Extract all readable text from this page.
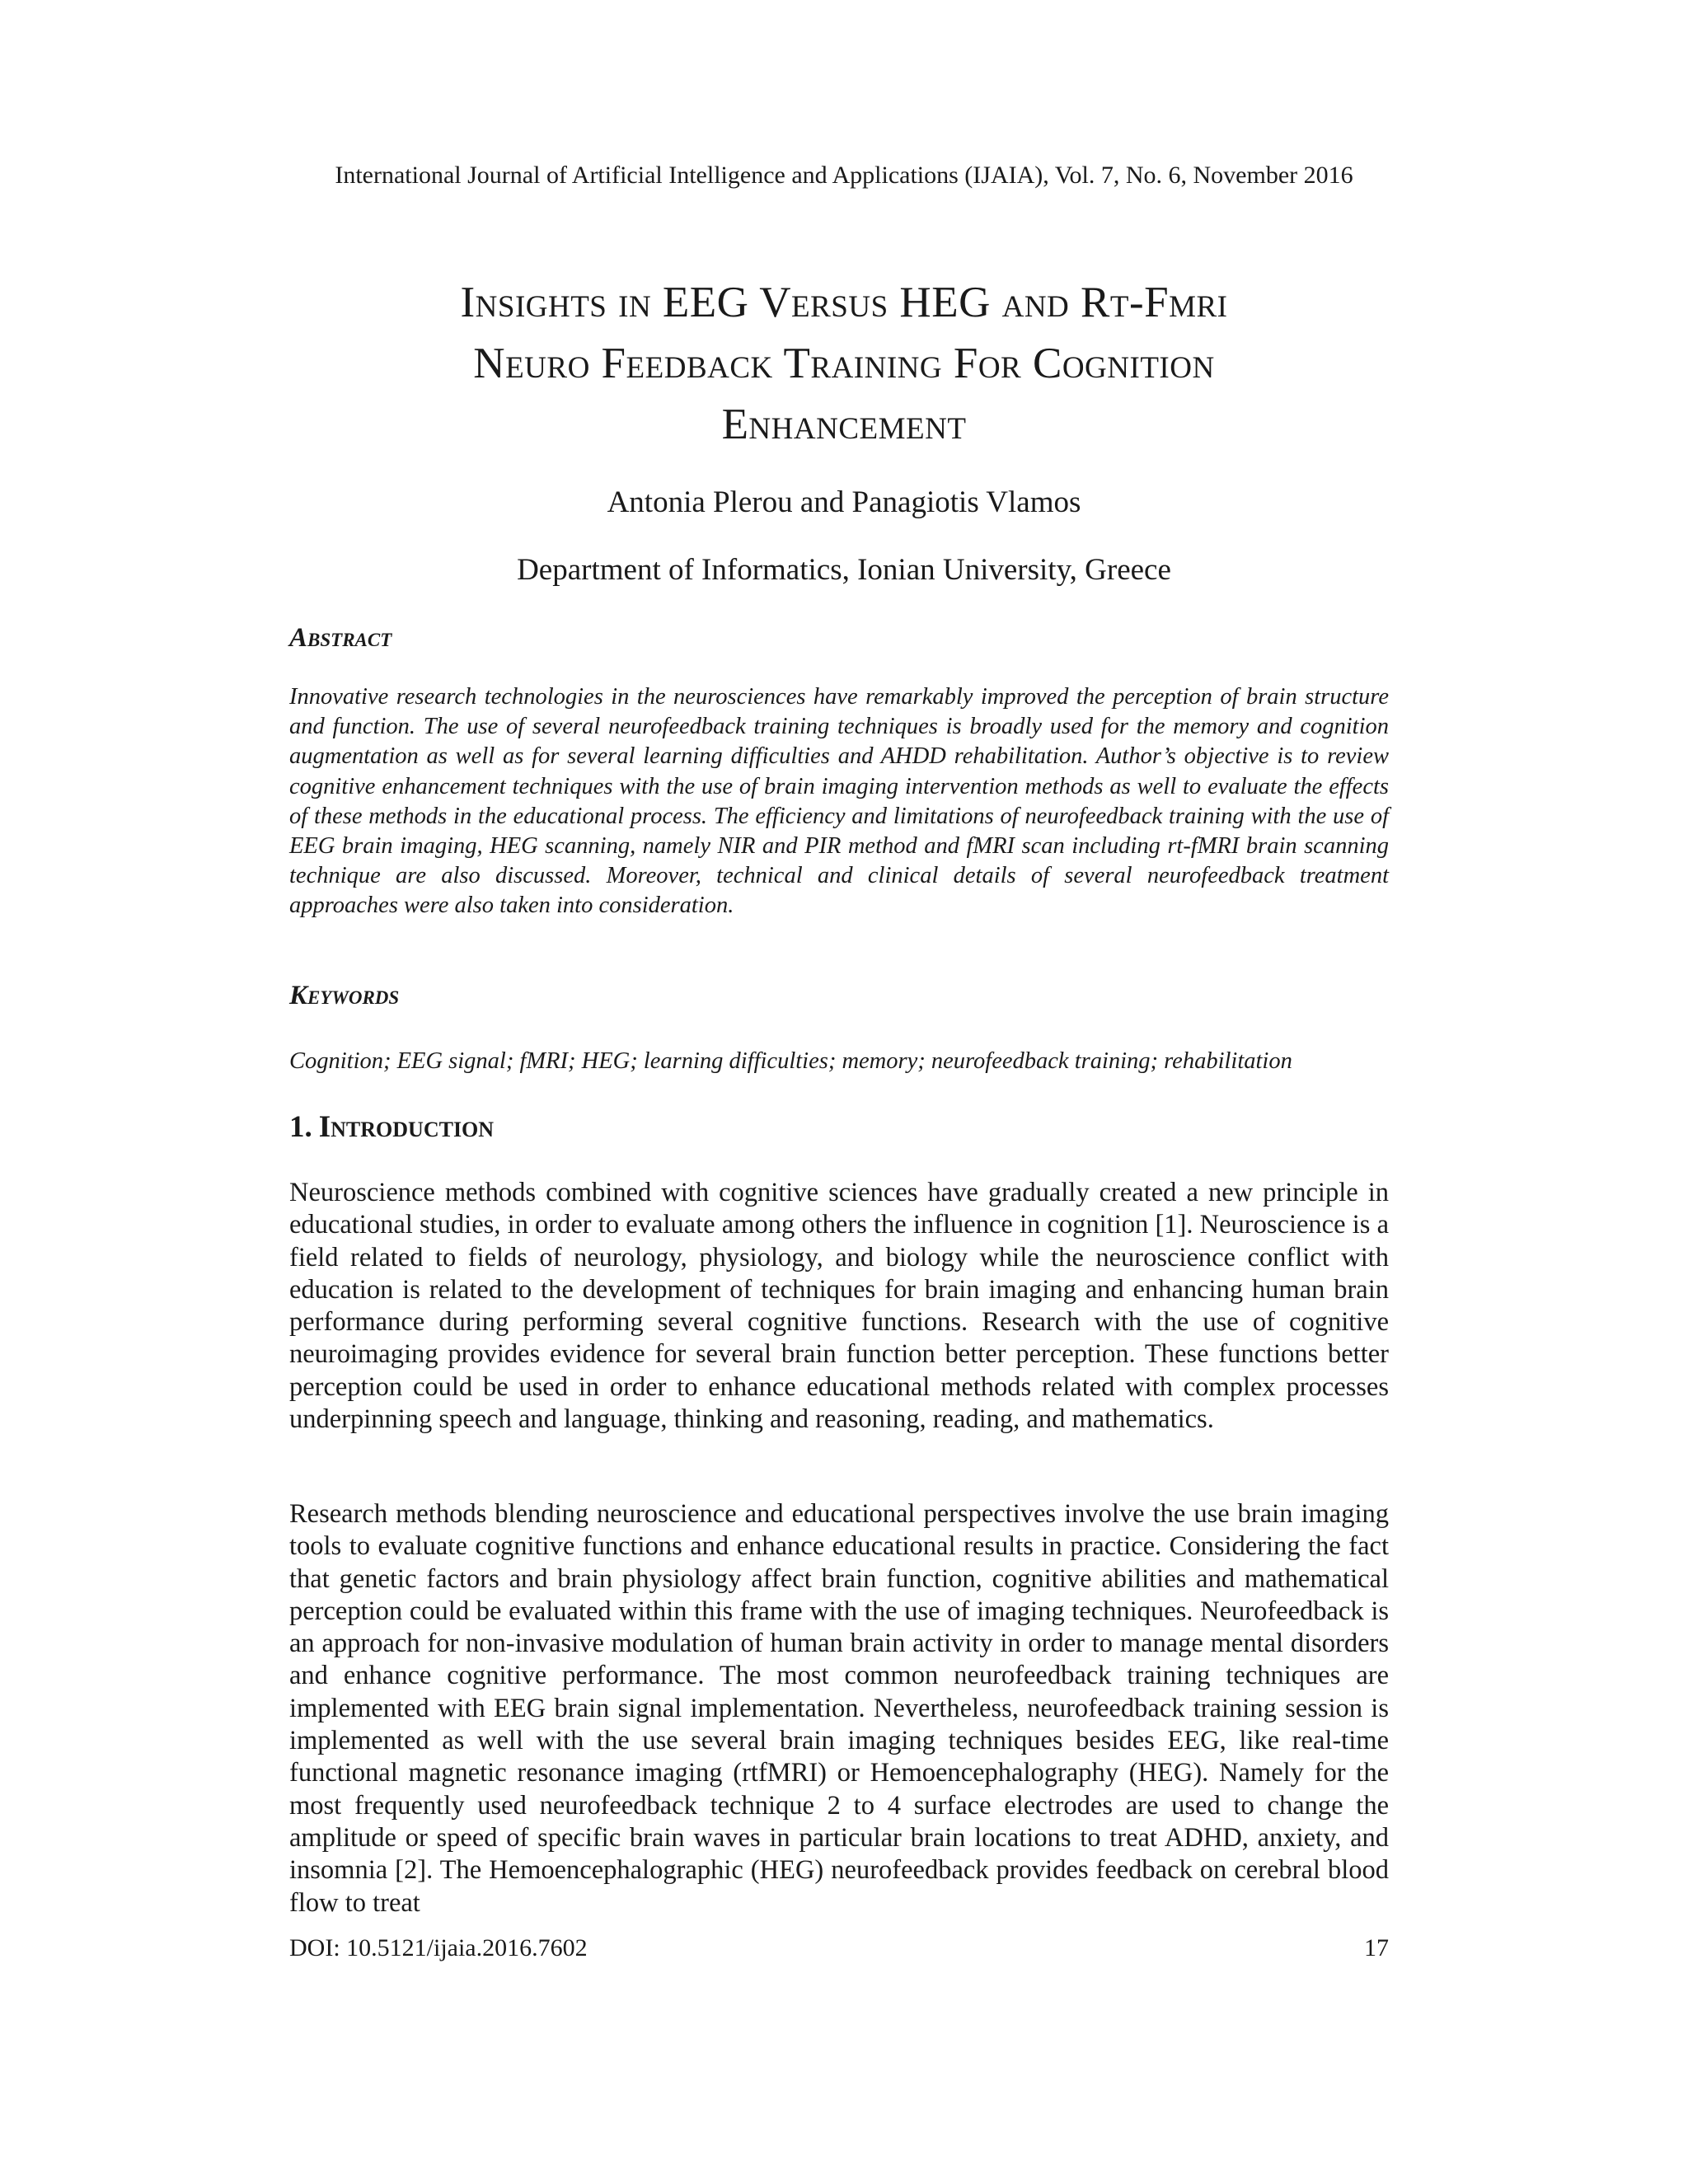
International Journal of Artificial Intelligence and Applications (IJAIA), Vol. 7, No. 6, November 2016
Insights in EEG Versus HEG and Rt-Fmri
Neuro Feedback Training For Cognition
Enhancement
Antonia Plerou and Panagiotis Vlamos
Department of Informatics, Ionian University, Greece
Abstract

Innovative research technologies in the neurosciences have remarkably improved the perception of brain structure and function. The use of several neurofeedback training techniques is broadly used for the memory and cognition augmentation as well as for several learning difficulties and AHDD rehabilitation. Author’s objective is to review cognitive enhancement techniques with the use of brain imaging intervention methods as well to evaluate the effects of these methods in the educational process. The efficiency and limitations of neurofeedback training with the use of EEG brain imaging, HEG scanning, namely NIR and PIR method and fMRI scan including rt-fMRI brain scanning technique are also discussed. Moreover, technical and clinical details of several neurofeedback treatment approaches were also taken into consideration.

Keywords

Cognition; EEG signal; fMRI; HEG; learning difficulties; memory; neurofeedback training; rehabilitation

1. Introduction

Neuroscience methods combined with cognitive sciences have gradually created a new principle in educational studies, in order to evaluate among others the influence in cognition [1]. Neuroscience is a field related to fields of neurology, physiology, and biology while the neuroscience conflict with education is related to the development of techniques for brain imaging and enhancing human brain performance during performing several cognitive functions. Research with the use of cognitive neuroimaging provides evidence for several brain function better perception. These functions better perception could be used in order to enhance educational methods related with complex processes underpinning speech and language, thinking and reasoning, reading, and mathematics.

Research methods blending neuroscience and educational perspectives involve the use brain imaging tools to evaluate cognitive functions and enhance educational results in practice. Considering the fact that genetic factors and brain physiology affect brain function, cognitive abilities and mathematical perception could be evaluated within this frame with the use of imaging techniques. Neurofeedback is an approach for non-invasive modulation of human brain activity in order to manage mental disorders and enhance cognitive performance. The most common neurofeedback training techniques are implemented with EEG brain signal implementation. Nevertheless, neurofeedback training session is implemented as well with the use several brain imaging techniques besides EEG, like real-time functional magnetic resonance imaging (rtfMRI) or Hemoencephalography (HEG). Namely for the most frequently used neurofeedback technique 2 to 4 surface electrodes are used to change the amplitude or speed of specific brain waves in particular brain locations to treat ADHD, anxiety, and insomnia [2]. The Hemoencephalographic (HEG) neurofeedback provides feedback on cerebral blood flow to treat

DOI: 10.5121/ijaia.2016.7602	17
